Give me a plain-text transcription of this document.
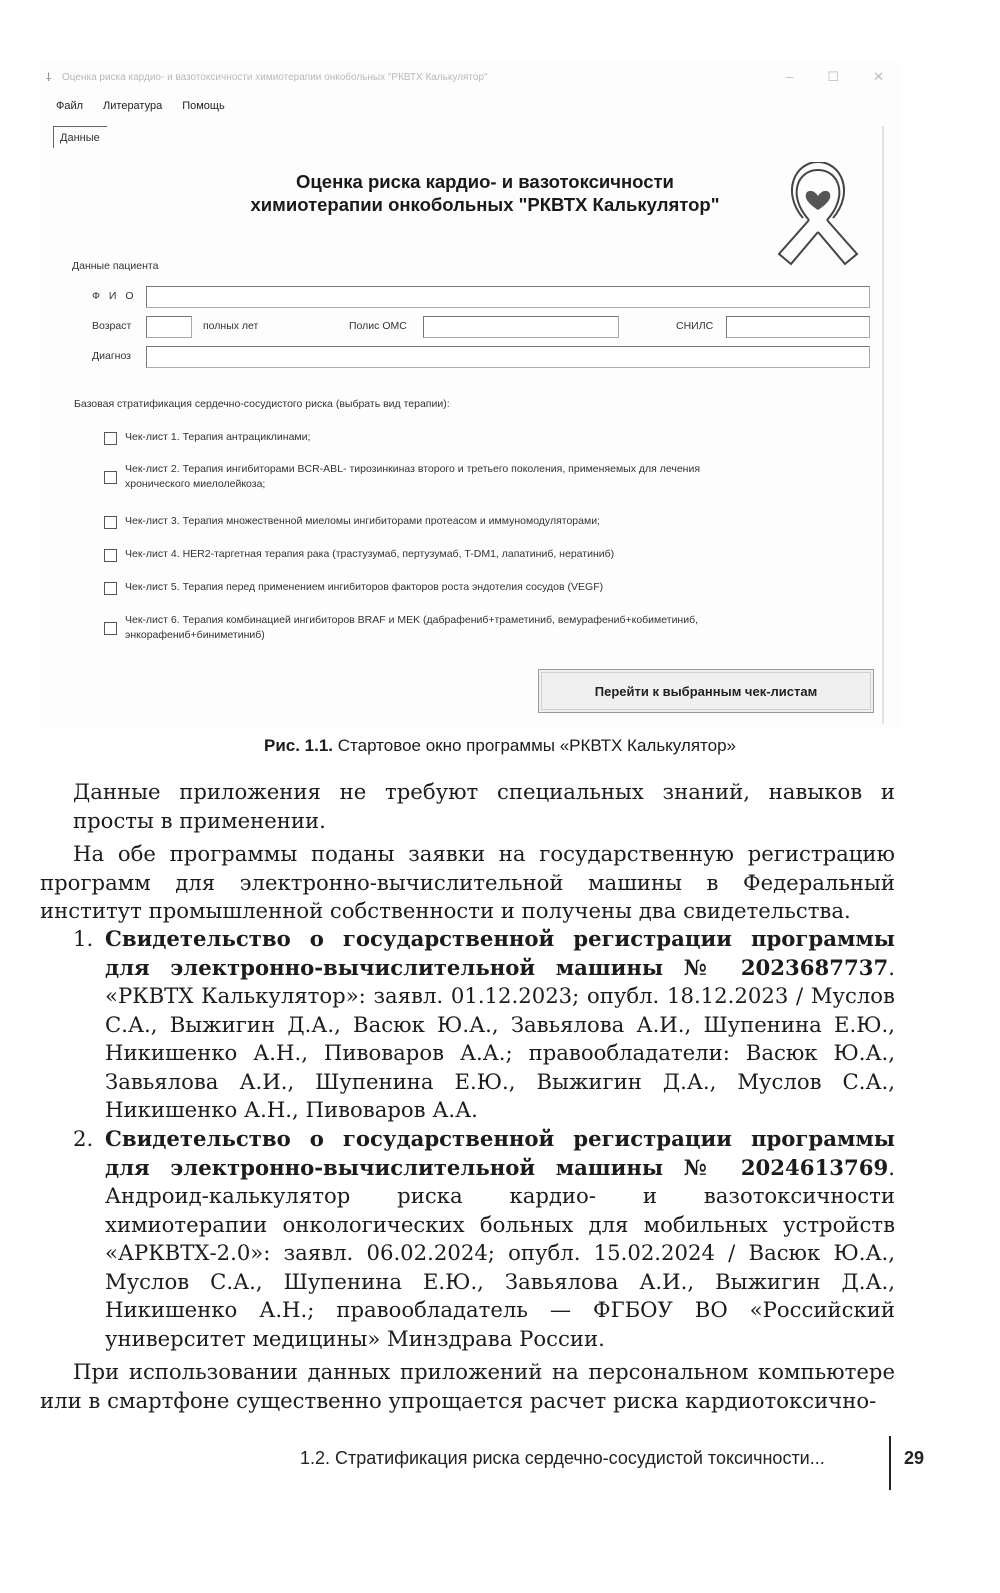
⸸ Оценка риска кардио- и вазотоксичности химиотерапии онкобольных "РКВТХ Калькулятор"	–	☐	✕
Файл Литература Помощь
Данные
Оценка риска кардио- и вазотоксичности
химиотерапии онкобольных "РКВТХ Калькулятор"
Данные пациента
Ф И О
Возраст	полных лет	Полис ОМС	СНИЛС
Диагноз
Базовая стратификация сердечно-сосудистого риска (выбрать вид терапии):
Чек-лист 1. Терапия антрациклинами;
Чек-лист 2. Терапия ингибиторами BCR-ABL- тирозинкиназ второго и третьего поколения, применяемых для лечения хронического миелолейкоза;
Чек-лист 3. Терапия множественной миеломы ингибиторами протеасом и иммуномодуляторами;
Чек-лист 4. HER2-таргетная терапия рака (трастузумаб, пертузумаб, T-DM1, лапатиниб, нератиниб)
Чек-лист 5. Терапия перед применением ингибиторов факторов роста эндотелия сосудов (VEGF)
Чек-лист 6. Терапия комбинацией ингибиторов BRAF и MEK (дабрафениб+траметиниб, вемурафениб+кобиметиниб, энкорафениб+биниметиниб)
Перейти к выбранным чек-листам
Рис. 1.1. Стартовое окно программы «РКВТХ Калькулятор»
Данные приложения не требуют специальных знаний, навыков и просты в применении.
На обе программы поданы заявки на государственную регистрацию программ для электронно-вычислительной машины в Федеральный институт промышленной собственности и получены два свидетельства.
1. Свидетельство о государственной регистрации программы для электронно-вычислительной машины № 2023687737. «РКВТХ Калькулятор»: заявл. 01.12.2023; опубл. 18.12.2023 / Муслов С.А., Выжигин Д.А., Васюк Ю.А., Завьялова А.И., Шупенина Е.Ю., Никишенко А.Н., Пивоваров А.А.; правообладатели: Васюк Ю.А., Завьялова А.И., Шупенина Е.Ю., Выжигин Д.А., Муслов С.А., Никишенко А.Н., Пивоваров А.А.
2. Свидетельство о государственной регистрации программы для электронно-вычислительной машины № 2024613769. Андроид-калькулятор риска кардио- и вазотоксичности химиотерапии онкологических больных для мобильных устройств «АРКВТХ-2.0»: заявл. 06.02.2024; опубл. 15.02.2024 / Васюк Ю.А., Муслов С.А., Шупенина Е.Ю., Завьялова А.И., Выжигин Д.А., Никишенко А.Н.; правообладатель — ФГБОУ ВО «Российский университет медицины» Минздрава России.
При использовании данных приложений на персональном компьютере или в смартфоне существенно упрощается расчет риска кардиотоксично-
1.2. Стратификация риска сердечно-сосудистой токсичности...	29
